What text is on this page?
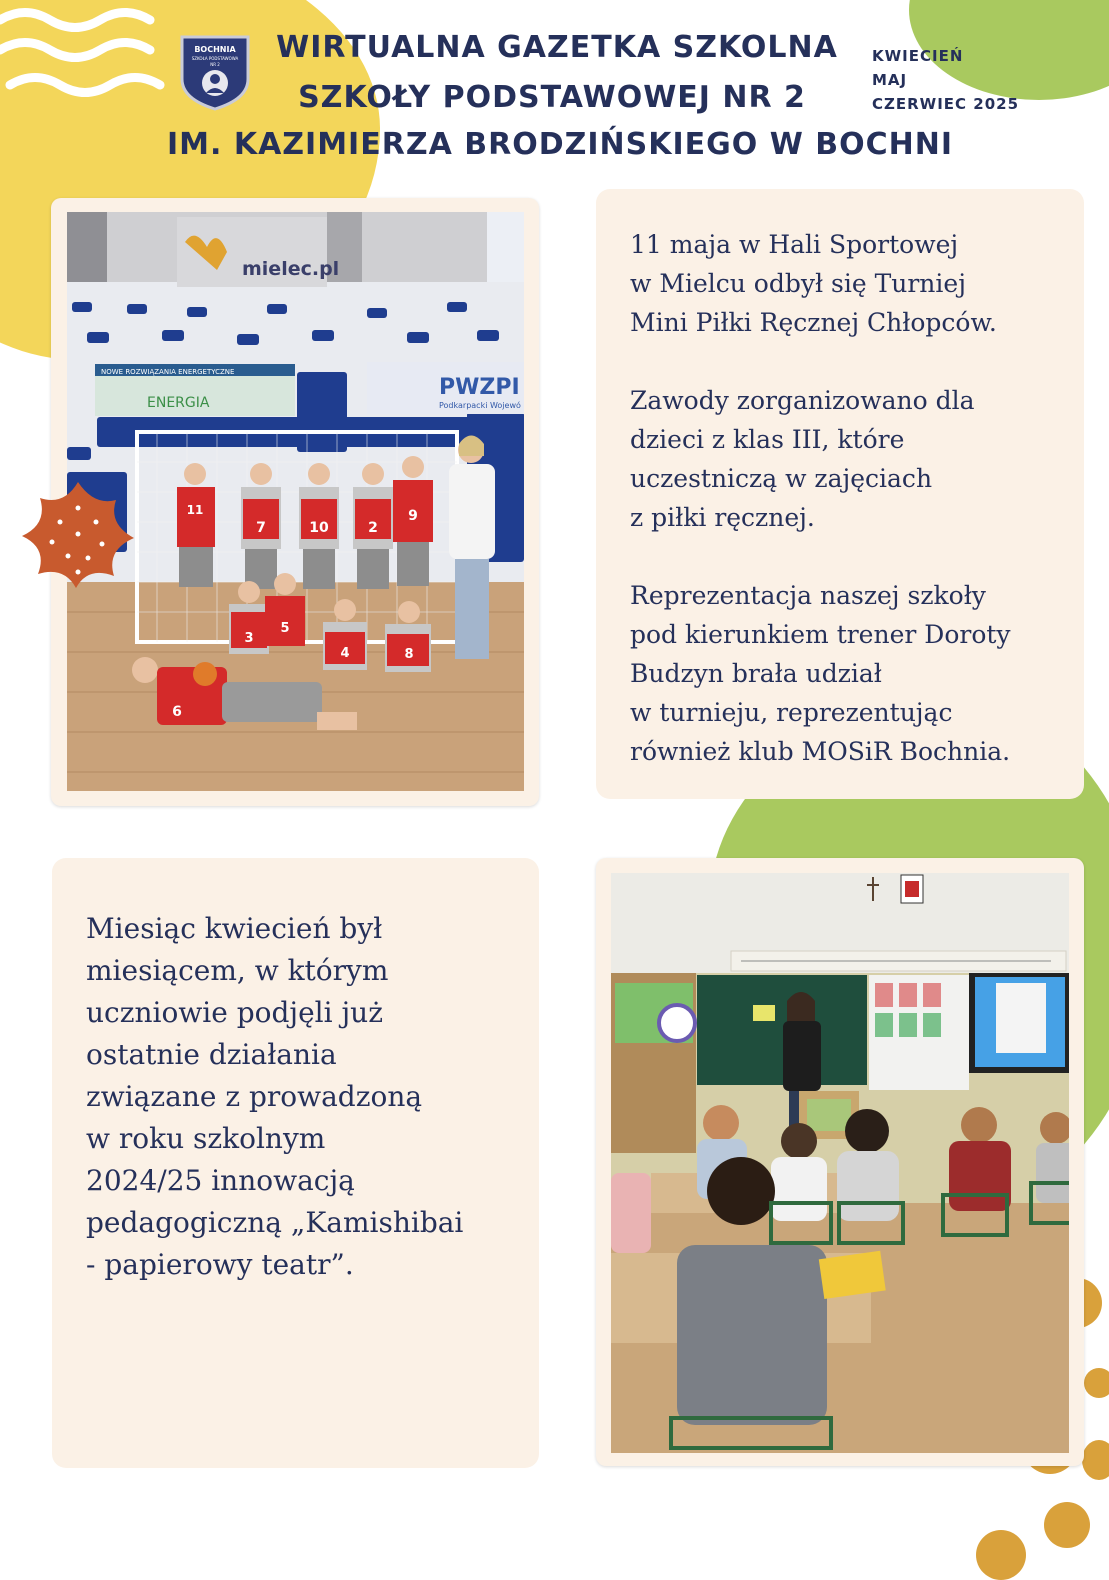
BOCHNIA
SZKOŁA PODSTAWOWA
NR 2	WIRTUALNA GAZETKA SZKOLNA
SZKOŁY PODSTAWOWEJ NR 2
IM. KAZIMIERZA BRODZIŃSKIEGO W BOCHNI
KWIECIEŃ
MAJ
CZERWIEC 2025
mielec.pl
NOWE ROZWIĄZANIA ENERGETYCZNE
ENERGIA
PWZPI
Podkarpacki Wojewó
11
7	10	2
9
3
5
4	8
6
11 maja w Hali Sportowej
w Mielcu odbył się Turniej
Mini Piłki Ręcznej Chłopców.

Zawody zorganizowano dla
dzieci z klas III, które
uczestniczą w zajęciach
z piłki ręcznej.

Reprezentacja naszej szkoły
pod kierunkiem trener Doroty
Budzyn brała udział
w turnieju, reprezentując
również klub MOSiR Bochnia.
Miesiąc kwiecień był
miesiącem, w którym
uczniowie podjęli już
ostatnie działania
związane z prowadzoną
w roku szkolnym
2024/25 innowacją
pedagogiczną „Kamishibai
- papierowy teatr”.
